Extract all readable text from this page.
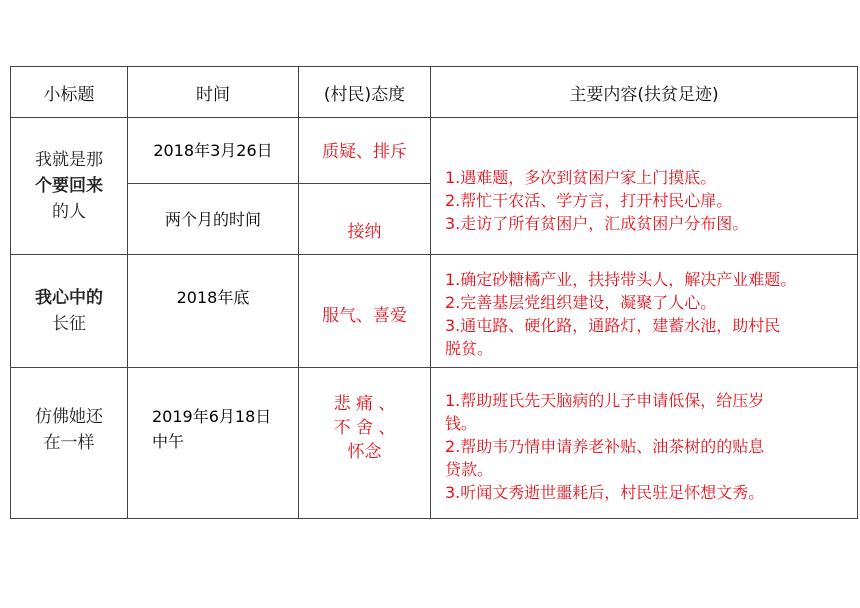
小标题	时间	(村民)态度	主要内容(扶贫足迹)

我就是那
个要回来
的人	2018年3月26日	质疑、排斥	1.遇难题，多次到贫困户家上门摸底。
2.帮忙干农活、学方言，打开村民心扉。
3.走访了所有贫困户，汇成贫困户分布图。

	两个月的时间	接纳	

我心中的
长征	2018年底	服气、喜爱	1.确定砂糖橘产业，扶持带头人，解决产业难题。
2.完善基层党组织建设，凝聚了人心。
3.通屯路、硬化路，通路灯，建蓄水池，助村民
脱贫。

仿佛她还
在一样	2019年6月18日
中午	悲 痛 、
不 舍 、
怀念	1.帮助班氏先天脑病的儿子申请低保，给压岁
钱。
2.帮助韦乃情申请养老补贴、油茶树的的贴息
贷款。
3.听闻文秀逝世噩耗后，村民驻足怀想文秀。
